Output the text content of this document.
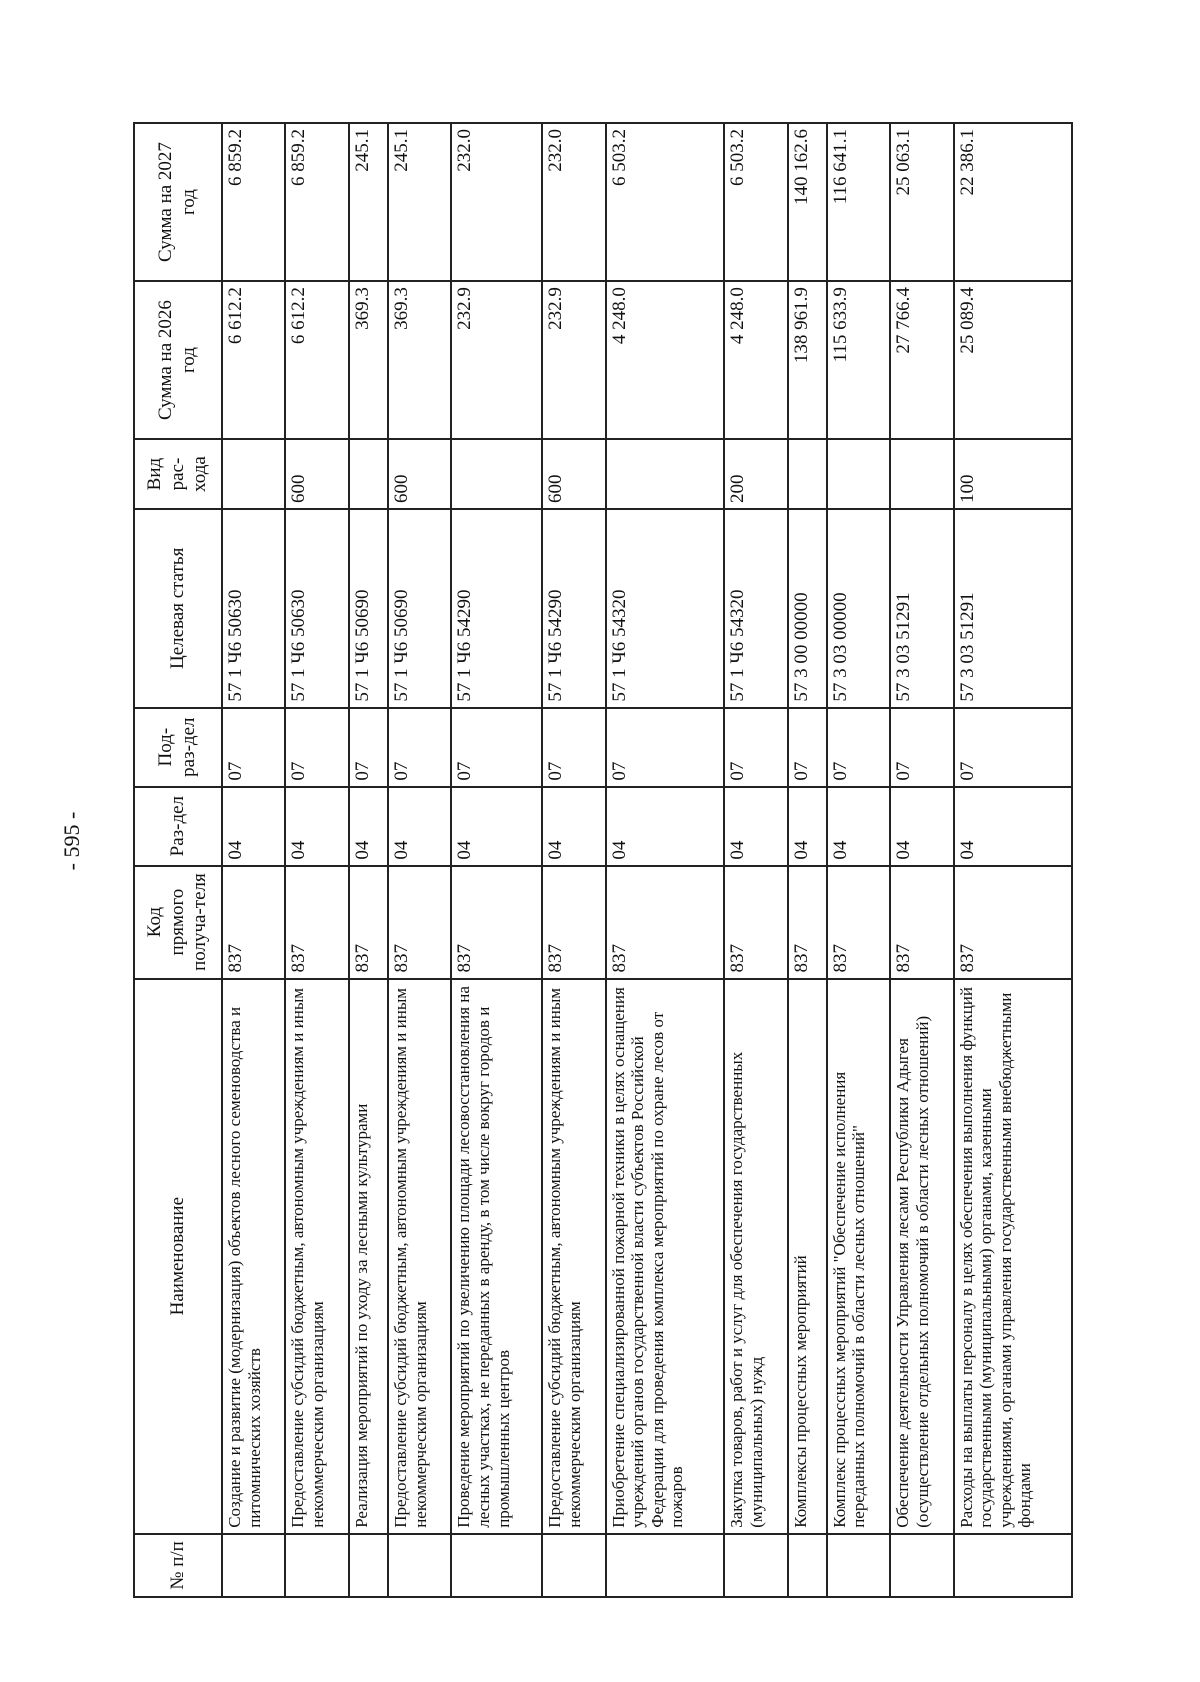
- 595 -
№ п/п	Наименование	Код прямого получа-теля	Раз-дел	Под-раз-дел	Целевая статья	Вид рас-хода	Сумма на 2026 год	Сумма на 2027 год
	Создание и развитие (модернизация) объектов лесного семеноводства и питомнических хозяйств	837	04	07	57 1 Ч6 50630		6 612.2	6 859.2
	Предоставление субсидий бюджетным, автономным учреждениям и иным некоммерческим организациям	837	04	07	57 1 Ч6 50630	600	6 612.2	6 859.2
	Реализация мероприятий по уходу за лесными культурами	837	04	07	57 1 Ч6 50690		369.3	245.1
	Предоставление субсидий бюджетным, автономным учреждениям и иным некоммерческим организациям	837	04	07	57 1 Ч6 50690	600	369.3	245.1
	Проведение мероприятий по увеличению площади лесовосстановления на лесных участках, не переданных в аренду, в том числе вокруг городов и промышленных центров	837	04	07	57 1 Ч6 54290		232.9	232.0
	Предоставление субсидий бюджетным, автономным учреждениям и иным некоммерческим организациям	837	04	07	57 1 Ч6 54290	600	232.9	232.0
	Приобретение специализированной пожарной техники в целях оснащения учреждений органов государственной власти субъектов Российской Федерации для проведения комплекса мероприятий по охране лесов от пожаров	837	04	07	57 1 Ч6 54320		4 248.0	6 503.2
	Закупка товаров, работ и услуг для обеспечения государственных (муниципальных) нужд	837	04	07	57 1 Ч6 54320	200	4 248.0	6 503.2
	Комплексы процессных мероприятий	837	04	07	57 3 00 00000		138 961.9	140 162.6
	Комплекс процессных мероприятий "Обеспечение исполнения переданных полномочий в области лесных отношений"	837	04	07	57 3 03 00000		115 633.9	116 641.1
	Обеспечение деятельности Управления лесами Республики Адыгея (осуществление отдельных полномочий в области лесных отношений)	837	04	07	57 3 03 51291		27 766.4	25 063.1
	Расходы на выплаты персоналу в целях обеспечения выполнения функций государственными (муниципальными) органами, казенными учреждениями, органами управления государственными внебюджетными фондами	837	04	07	57 3 03 51291	100	25 089.4	22 386.1
